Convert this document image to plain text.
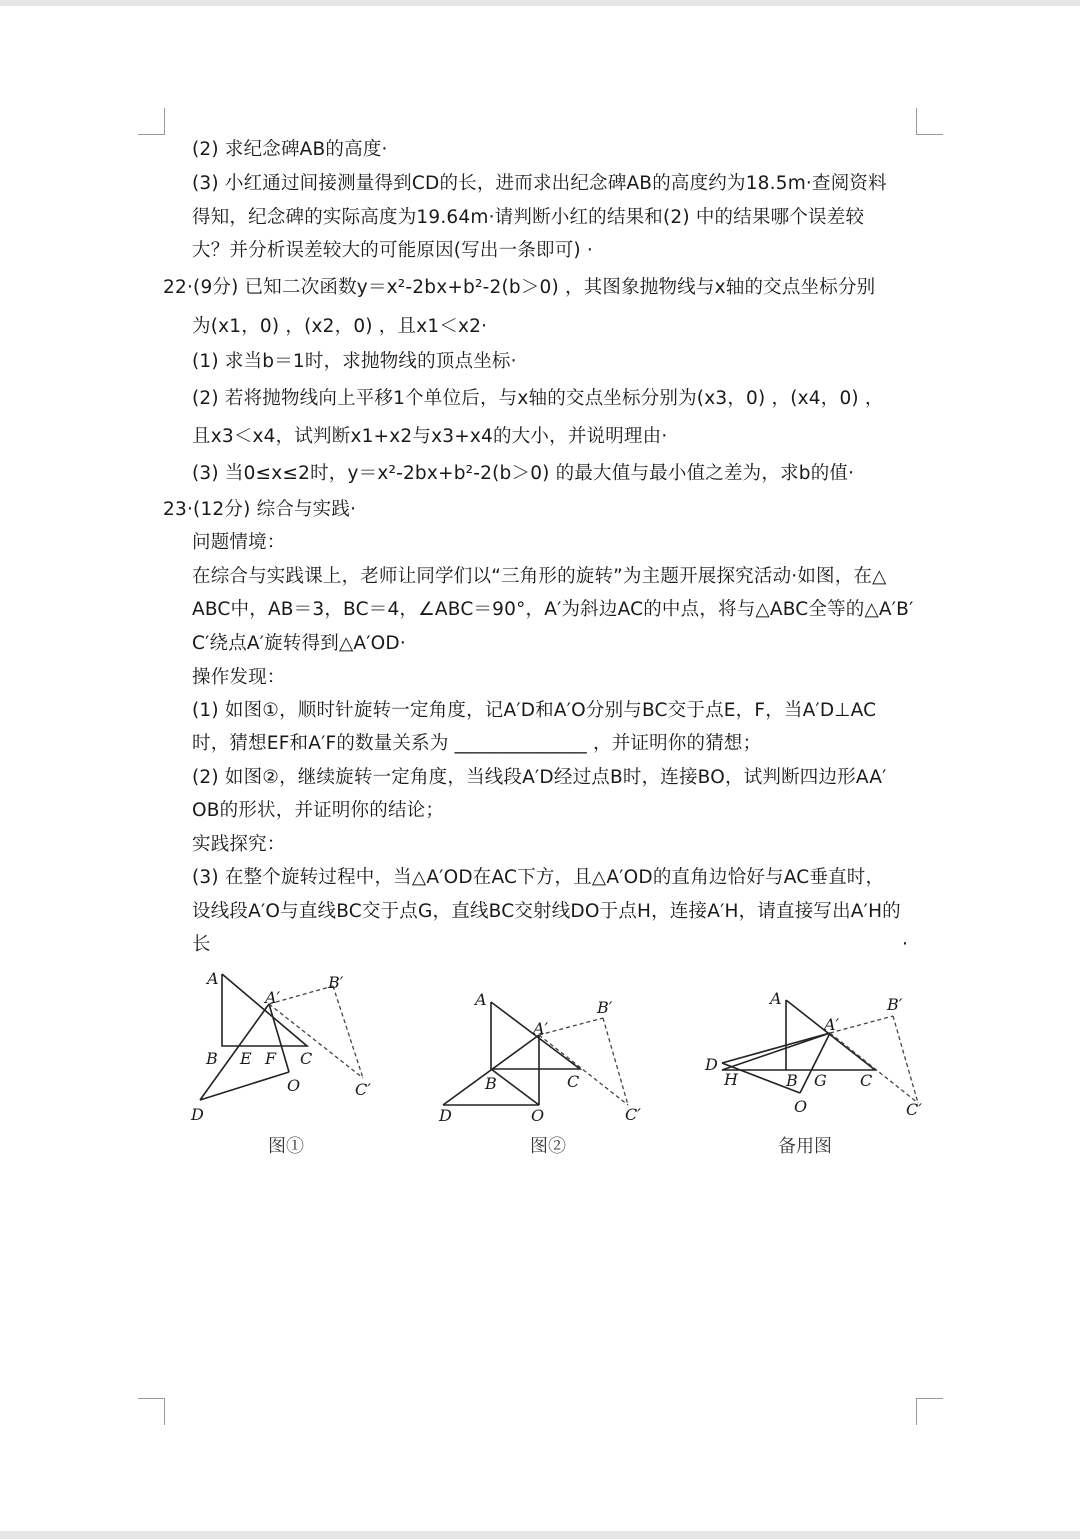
(2) 求纪念碑AB的高度·
(3) 小红通过间接测量得到CD的长，进而求出纪念碑AB的高度约为18.5m·查阅资料
得知，纪念碑的实际高度为19.64m·请判断小红的结果和(2) 中的结果哪个误差较
大？并分析误差较大的可能原因(写出一条即可) ·
22·(9分) 已知二次函数y＝x²-2bx+b²-2(b＞0) ，其图象抛物线与x轴的交点坐标分别
为(x1，0) ，(x2，0) ，且x1＜x2·
(1) 求当b＝1时，求抛物线的顶点坐标·
(2) 若将抛物线向上平移1个单位后，与x轴的交点坐标分别为(x3，0) ，(x4，0) ，
且x3＜x4，试判断x1+x2与x3+x4的大小，并说明理由·
(3) 当0≤x≤2时，y＝x²-2bx+b²-2(b＞0) 的最大值与最小值之差为，求b的值·
23·(12分) 综合与实践·
问题情境：
在综合与实践课上，老师让同学们以“三角形的旋转”为主题开展探究活动·如图，在△
ABC中，AB＝3，BC＝4，∠ABC＝90°，A′为斜边AC的中点，将与△ABC全等的△A′B′
C′绕点A′旋转得到△A′OD·
操作发现：
(1) 如图①，顺时针旋转一定角度，记A′D和A′O分别与BC交于点E，F，当A′D⊥AC
时，猜想EF和A′F的数量关系为 ______________ ，并证明你的猜想；
(2) 如图②，继续旋转一定角度，当线段A′D经过点B时，连接BO，试判断四边形AA′
OB的形状，并证明你的结论；
实践探究：
(3) 在整个旋转过程中，当△A′OD在AC下方，且△A′OD的直角边恰好与AC垂直时，
设线段A′O与直线BC交于点G，直线BC交射线DO于点H，连接A′H，请直接写出A′H的
长	·
A
A′
B′
B E F C
O	C′
D
图①
A
A′
B′
B	C
C′
D	O
图②
A
A′
B′
D
H	B G C
O	C′
备用图
